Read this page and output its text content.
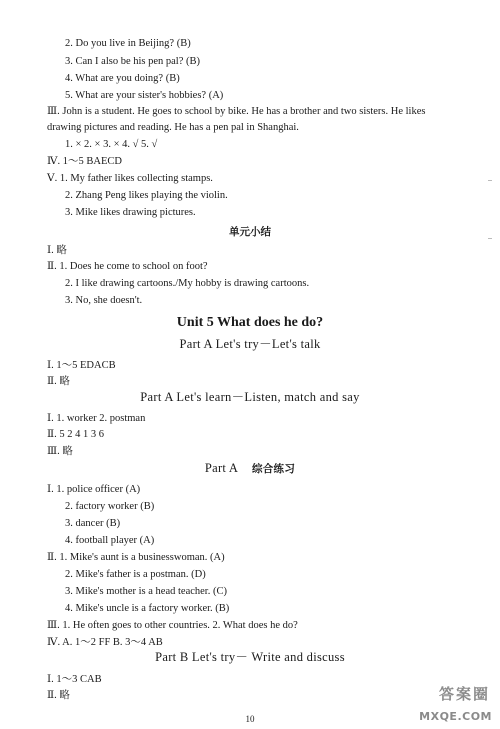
2. Do you live in Beijing? (B)
3. Can I also be his pen pal? (B)
4. What are you doing? (B)
5. What are your sister's hobbies? (A)
Ⅲ. John is a student. He goes to school by bike. He has a brother and two sisters. He likes
drawing pictures and reading. He has a pen pal in Shanghai.
1. × 2. × 3. × 4. √ 5. √
Ⅳ. 1～5 BAECD
Ⅴ. 1. My father likes collecting stamps.
2. Zhang Peng likes playing the violin.
3. Mike likes drawing pictures.
单元小结
Ⅰ. 略
Ⅱ. 1. Does he come to school on foot?
2. I like drawing cartoons./My hobby is drawing cartoons.
3. No, she doesn't.
Unit 5 What does he do?
Part A Let's try－Let's talk
Ⅰ. 1～5 EDACB
Ⅱ. 略
Part A Let's learn－Listen, match and say
Ⅰ. 1. worker 2. postman
Ⅱ. 5 2 4 1 3 6
Ⅲ. 略
Part A 综合练习
Ⅰ. 1. police officer (A)
2. factory worker (B)
3. dancer (B)
4. football player (A)
Ⅱ. 1. Mike's aunt is a businesswoman. (A)
2. Mike's father is a postman. (D)
3. Mike's mother is a head teacher. (C)
4. Mike's uncle is a factory worker. (B)
Ⅲ. 1. He often goes to other countries. 2. What does he do?
Ⅳ. A. 1～2 FF B. 3～4 AB
Part B Let's try－ Write and discuss
Ⅰ. 1～3 CAB
Ⅱ. 略
10
答案圈
MXQE.COM
